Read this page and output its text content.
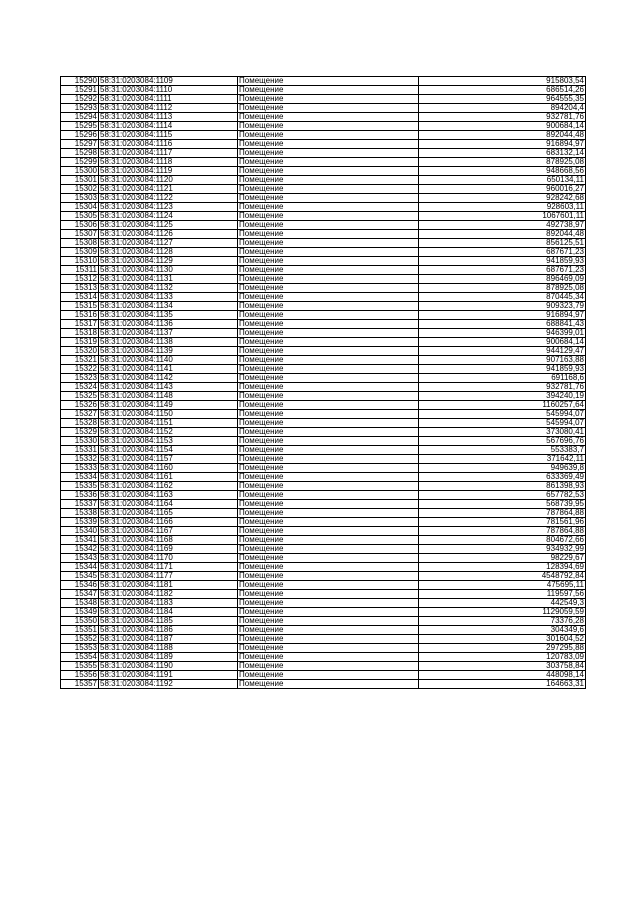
15290	58:31:0203084:1109	Помещение	915803,54
15291	58:31:0203084:1110	Помещение	686514,26
15292	58:31:0203084:1111	Помещение	964555,35
15293	58:31:0203084:1112	Помещение	894204,4
15294	58:31:0203084:1113	Помещение	932781,76
15295	58:31:0203084:1114	Помещение	900684,14
15296	58:31:0203084:1115	Помещение	892044,48
15297	58:31:0203084:1116	Помещение	916894,97
15298	58:31:0203084:1117	Помещение	683132,14
15299	58:31:0203084:1118	Помещение	878925,08
15300	58:31:0203084:1119	Помещение	948668,56
15301	58:31:0203084:1120	Помещение	650134,11
15302	58:31:0203084:1121	Помещение	960016,27
15303	58:31:0203084:1122	Помещение	928242,68
15304	58:31:0203084:1123	Помещение	928603,11
15305	58:31:0203084:1124	Помещение	1067601,11
15306	58:31:0203084:1125	Помещение	492738,97
15307	58:31:0203084:1126	Помещение	892044,48
15308	58:31:0203084:1127	Помещение	856125,51
15309	58:31:0203084:1128	Помещение	687671,23
15310	58:31:0203084:1129	Помещение	941859,93
15311	58:31:0203084:1130	Помещение	687671,23
15312	58:31:0203084:1131	Помещение	896469,09
15313	58:31:0203084:1132	Помещение	878925,08
15314	58:31:0203084:1133	Помещение	870445,34
15315	58:31:0203084:1134	Помещение	909323,79
15316	58:31:0203084:1135	Помещение	916894,97
15317	58:31:0203084:1136	Помещение	688841,43
15318	58:31:0203084:1137	Помещение	946399,01
15319	58:31:0203084:1138	Помещение	900684,14
15320	58:31:0203084:1139	Помещение	944129,47
15321	58:31:0203084:1140	Помещение	907163,88
15322	58:31:0203084:1141	Помещение	941859,93
15323	58:31:0203084:1142	Помещение	691168,6
15324	58:31:0203084:1143	Помещение	932781,76
15325	58:31:0203084:1148	Помещение	394240,19
15326	58:31:0203084:1149	Помещение	1160257,64
15327	58:31:0203084:1150	Помещение	545994,07
15328	58:31:0203084:1151	Помещение	545994,07
15329	58:31:0203084:1152	Помещение	373080,41
15330	58:31:0203084:1153	Помещение	567696,76
15331	58:31:0203084:1154	Помещение	553383,7
15332	58:31:0203084:1157	Помещение	371642,11
15333	58:31:0203084:1160	Помещение	949639,8
15334	58:31:0203084:1161	Помещение	633369,49
15335	58:31:0203084:1162	Помещение	861398,93
15336	58:31:0203084:1163	Помещение	657782,53
15337	58:31:0203084:1164	Помещение	568739,95
15338	58:31:0203084:1165	Помещение	787864,88
15339	58:31:0203084:1166	Помещение	781561,96
15340	58:31:0203084:1167	Помещение	787864,88
15341	58:31:0203084:1168	Помещение	804672,66
15342	58:31:0203084:1169	Помещение	934932,99
15343	58:31:0203084:1170	Помещение	98229,67
15344	58:31:0203084:1171	Помещение	128394,69
15345	58:31:0203084:1177	Помещение	4548792,84
15346	58:31:0203084:1181	Помещение	475695,11
15347	58:31:0203084:1182	Помещение	119597,56
15348	58:31:0203084:1183	Помещение	442549,3
15349	58:31:0203084:1184	Помещение	1129059,59
15350	58:31:0203084:1185	Помещение	73376,28
15351	58:31:0203084:1186	Помещение	304349,6
15352	58:31:0203084:1187	Помещение	301604,52
15353	58:31:0203084:1188	Помещение	297295,88
15354	58:31:0203084:1189	Помещение	120783,09
15355	58:31:0203084:1190	Помещение	303758,84
15356	58:31:0203084:1191	Помещение	448098,14
15357	58:31:0203084:1192	Помещение	164663,31
